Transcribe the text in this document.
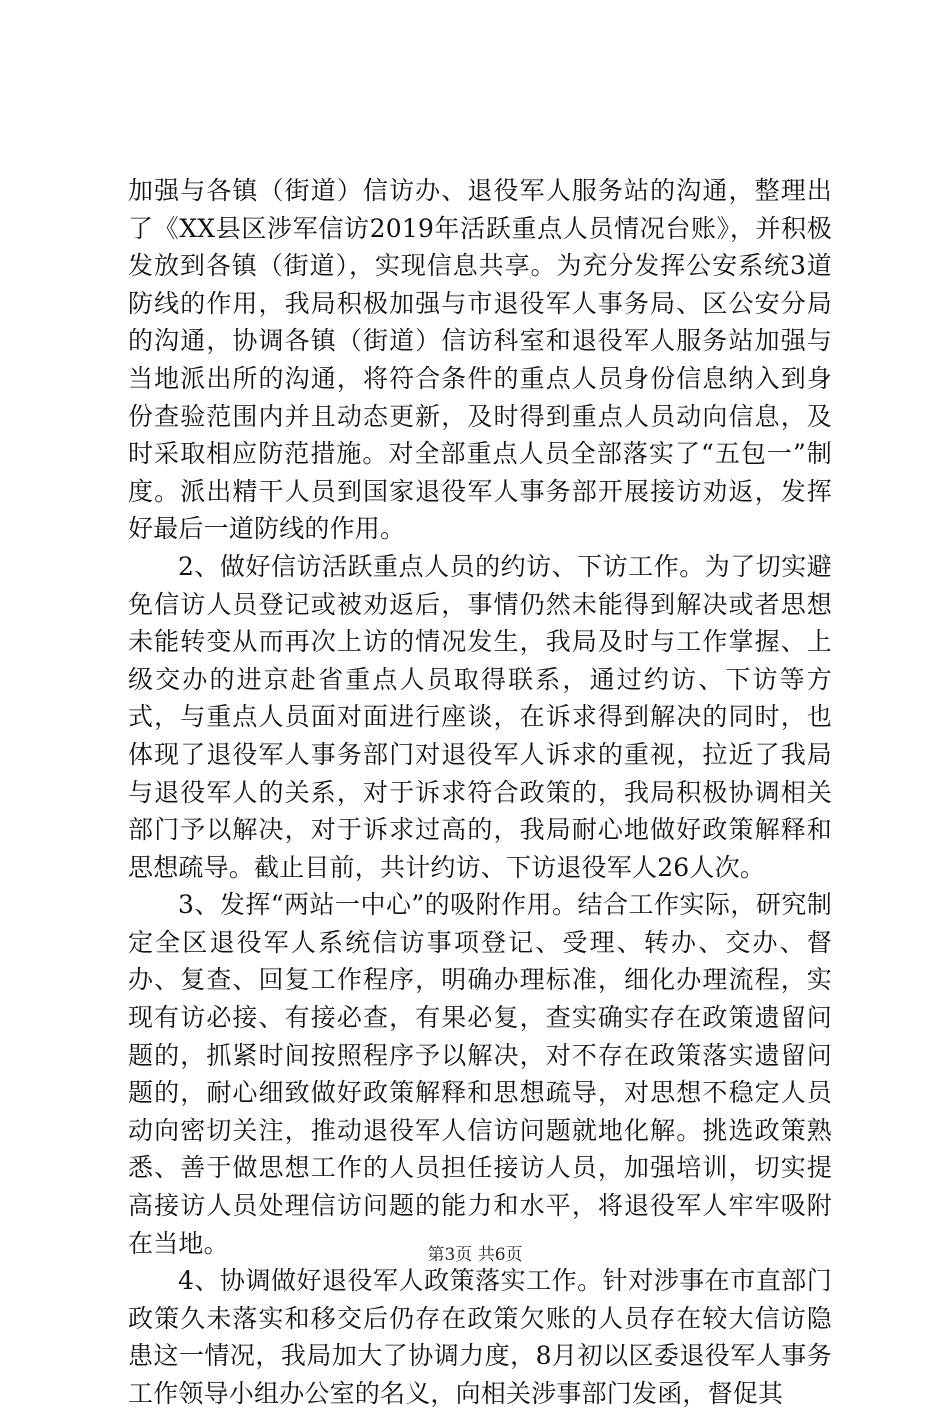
加强与各镇（街道）信访办、退役军人服务站的沟通，整理出了《XX县区涉军信访2019年活跃重点人员情况台账》，并积极发放到各镇（街道），实现信息共享。为充分发挥公安系统3道防线的作用，我局积极加强与市退役军人事务局、区公安分局的沟通，协调各镇（街道）信访科室和退役军人服务站加强与当地派出所的沟通，将符合条件的重点人员身份信息纳入到身份查验范围内并且动态更新，及时得到重点人员动向信息，及时采取相应防范措施。对全部重点人员全部落实了“五包一”制度。派出精干人员到国家退役军人事务部开展接访劝返，发挥好最后一道防线的作用。

2、做好信访活跃重点人员的约访、下访工作。为了切实避免信访人员登记或被劝返后，事情仍然未能得到解决或者思想未能转变从而再次上访的情况发生，我局及时与工作掌握、上级交办的进京赴省重点人员取得联系，通过约访、下访等方式，与重点人员面对面进行座谈，在诉求得到解决的同时，也体现了退役军人事务部门对退役军人诉求的重视，拉近了我局与退役军人的关系，对于诉求符合政策的，我局积极协调相关部门予以解决，对于诉求过高的，我局耐心地做好政策解释和思想疏导。截止目前，共计约访、下访退役军人26人次。

3、发挥“两站一中心”的吸附作用。结合工作实际，研究制定全区退役军人系统信访事项登记、受理、转办、交办、督办、复查、回复工作程序，明确办理标准，细化办理流程，实现有访必接、有接必查，有果必复，查实确实存在政策遗留问题的，抓紧时间按照程序予以解决，对不存在政策落实遗留问题的，耐心细致做好政策解释和思想疏导，对思想不稳定人员动向密切关注，推动退役军人信访问题就地化解。挑选政策熟悉、善于做思想工作的人员担任接访人员，加强培训，切实提高接访人员处理信访问题的能力和水平，将退役军人牢牢吸附在当地。

4、协调做好退役军人政策落实工作。针对涉事在市直部门政策久未落实和移交后仍存在政策欠账的人员存在较大信访隐患这一情况，我局加大了协调力度，8月初以区委退役军人事务工作领导小组办公室的名义，向相关涉事部门发函，督促其

第3页 共6页
